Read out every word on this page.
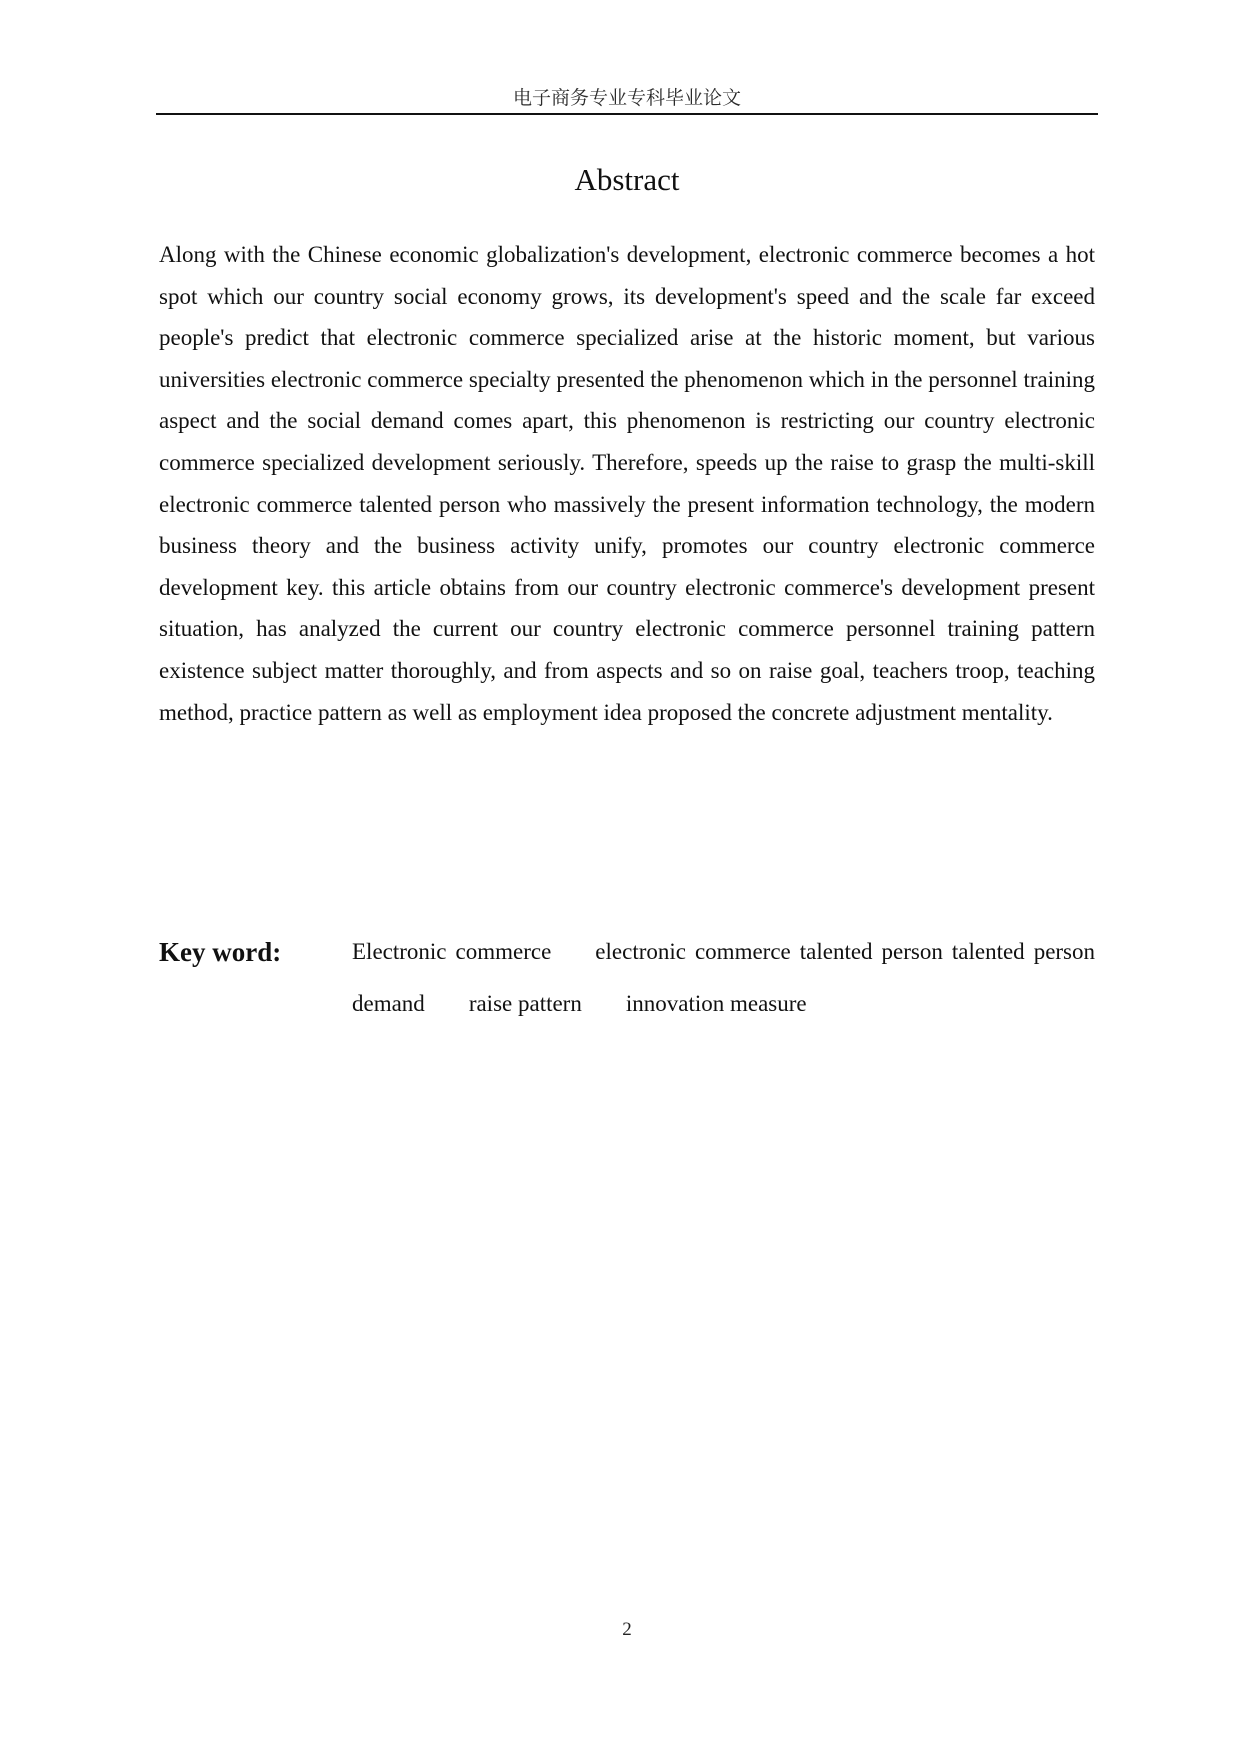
电子商务专业专科毕业论文
Abstract

Along with the Chinese economic globalization's development, electronic commerce becomes a hot spot which our country social economy grows, its development's speed and the scale far exceed people's predict that electronic commerce specialized arise at the historic moment, but various universities electronic commerce specialty presented the phenomenon which in the personnel training aspect and the social demand comes apart, this phenomenon is restricting our country electronic commerce specialized development seriously. Therefore, speeds up the raise to grasp the multi-skill electronic commerce talented person who massively the present information technology, the modern business theory and the business activity unify, promotes our country electronic commerce development key. this article obtains from our country electronic commerce's development present situation, has analyzed the current our country electronic commerce personnel training pattern existence subject matter thoroughly, and from aspects and so on raise goal, teachers troop, teaching method, practice pattern as well as employment idea proposed the concrete adjustment mentality.

Key word:	Electronic commerce electronic commerce talented person talented person demand raise pattern innovation measure

2
